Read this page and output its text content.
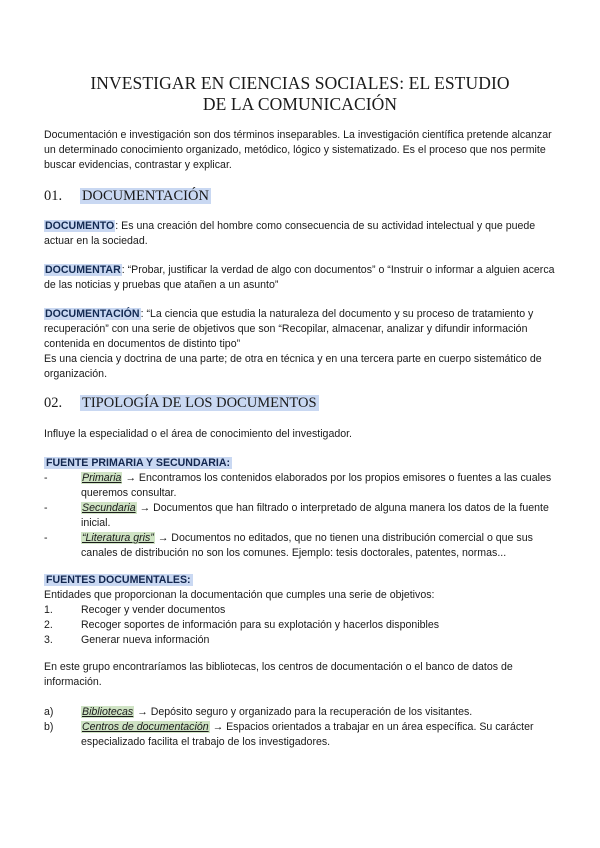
INVESTIGAR EN CIENCIAS SOCIALES: EL ESTUDIO
DE LA COMUNICACIÓN
Documentación e investigación son dos términos inseparables. La investigación científica pretende alcanzar un determinado conocimiento organizado, metódico, lógico y sistematizado. Es el proceso que nos permite buscar evidencias, contrastar y explicar.
01. DOCUMENTACIÓN
DOCUMENTO: Es una creación del hombre como consecuencia de su actividad intelectual y que puede actuar en la sociedad.
DOCUMENTAR: “Probar, justificar la verdad de algo con documentos” o “Instruir o informar a alguien acerca de las noticias y pruebas que atañen a un asunto”
DOCUMENTACIÓN: “La ciencia que estudia la naturaleza del documento y su proceso de tratamiento y recuperación” con una serie de objetivos que son “Recopilar, almacenar, analizar y difundir información contenida en documentos de distinto tipo”
Es una ciencia y doctrina de una parte; de otra en técnica y en una tercera parte en cuerpo sistemático de organización.
02. TIPOLOGÍA DE LOS DOCUMENTOS
Influye la especialidad o el área de conocimiento del investigador.
FUENTE PRIMARIA Y SECUNDARIA:
-	Primaria → Encontramos los contenidos elaborados por los propios emisores o fuentes a las cuales queremos consultar.
-	Secundaria → Documentos que han filtrado o interpretado de alguna manera los datos de la fuente inicial.
-	“Literatura gris” → Documentos no editados, que no tienen una distribución comercial o que sus canales de distribución no son los comunes. Ejemplo: tesis doctorales, patentes, normas...
FUENTES DOCUMENTALES:
Entidades que proporcionan la documentación que cumples una serie de objetivos:
1.	Recoger y vender documentos
2.	Recoger soportes de información para su explotación y hacerlos disponibles
3.	Generar nueva información
En este grupo encontraríamos las bibliotecas, los centros de documentación o el banco de datos de información.
a)	Bibliotecas → Depósito seguro y organizado para la recuperación de los visitantes.
b)	Centros de documentación → Espacios orientados a trabajar en un área específica. Su carácter especializado facilita el trabajo de los investigadores.
